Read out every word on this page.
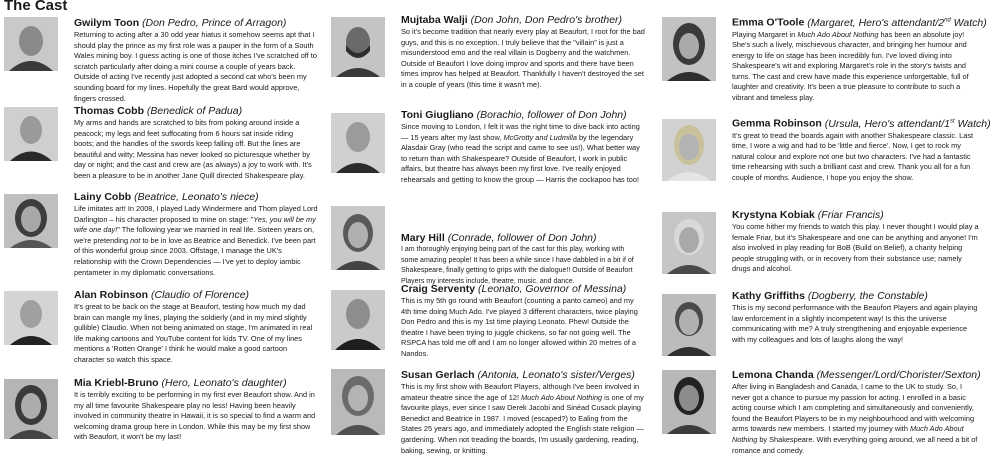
The Cast

Gwilym Toon (Don Pedro, Prince of Arragon)

Returning to acting after a 30 odd year hiatus it somehow seems apt that I should play the prince as my first role was a pauper in the form of a South Wales mining boy. I guess acting is one of those itches I've scratched off to scratch particularly after doing a mini course a couple of years back. Outside of acting I've recently just adopted a second cat who's been my sounding board for my lines. Hopefully the great Bard would approve, fingers crossed.

Thomas Cobb (Benedick of Padua)

My arms and hands are scratched to bits from poking around inside a peacock; my legs and feet suffocating from 6 hours sat inside riding boots; and the handles of the swords keep falling off. But the lines are beautiful and witty; Messina has never looked so picturesque whether by day or night; and the cast and crew are (as always) a joy to work with. It's been a pleasure to be in another Jane Quill directed Shakespeare play.

Lainy Cobb (Beatrice, Leonato's niece)

Life imitates art! In 2008, I played Lady Windermere and Thom played Lord Darlington – his character proposed to mine on stage: "Yes, you will be my wife one day!" The following year we married in real life. Sixteen years on, we're pretending not to be in love as Beatrice and Benedick. I've been part of this wonderful group since 2003. Offstage, I manage the UK's relationship with the Crown Dependencies — I've yet to deploy iambic pentameter in my diplomatic conversations.

Alan Robinson (Claudio of Florence)

It's great to be back on the stage at Beaufort, testing how much my dad brain can mangle my lines, playing the soldierly (and in my mind slightly gullible) Claudio. When not being animated on stage, I'm animated in real life making cartoons and YouTube content for kids TV. One of my lines mentions a 'Rotten Orange' I think he would make a good cartoon character so watch this space.

Mia Kriebl-Bruno (Hero, Leonato's daughter)

It is terribly exciting to be performing in my first ever Beaufort show. And in my all time favourite Shakespeare play no less! Having been heavily involved in community theatre in Hawaii, it is so special to find a warm and welcoming drama group here in London. While this may be my first show with Beaufort, it won't be my last!

Mujtaba Walji (Don John, Don Pedro's brother)

So it's become tradition that nearly every play at Beaufort, I root for the bad guys, and this is no exception. I truly believe that the "villain" is just a misunderstood emo and the real villain is Dogberry and the watchmen. Outside of Beaufort I love doing improv and sports and there have been times improv has helped at Beaufort. Thankfully I haven't destroyed the set in a couple of years (this time it wasn't me).

Toni Giugliano (Borachio, follower of Don John)

Since moving to London, I felt it was the right time to dive back into acting — 15 years after my last show, McGrotty and Ludmilla by the legendary Alasdair Gray (who read the script and came to see us!). What better way to return than with Shakespeare? Outside of Beaufort, I work in public affairs, but theatre has always been my first love. I've really enjoyed rehearsals and getting to know the group — Harris the cockapoo has too!

Mary Hill (Conrade, follower of Don John)

I am thoroughly enjoying being part of the cast for this play, working with some amazing people! It has been a while since I have dabbled in a bit if of Shakespeare, finally getting to grips with the dialogue!! Outside of Beaufort Players my interests include, theatre, music. and dance.

Craig Serventy (Leonato, Governor of Messina)

This is my 5th go round with Beaufort (counting a panto cameo) and my 4th time doing Much Ado. I've played 3 different characters, twice playing Don Pedro and this is my 1st time playing Leonato. Phew! Outside the theatre I have been trying to juggle chickens, so far not going well. The RSPCA has told me off and I am no longer allowed within 20 metres of a Nandos.

Susan Gerlach (Antonia, Leonato's sister/Verges)

This is my first show with Beaufort Players, although I've been involved in amateur theatre since the age of 12! Much Ado About Nothing is one of my favourite plays, ever since I saw Derek Jacobi and Sinéad Cusack playing Benedict and Beatrice in 1987. I moved (escaped?) to Ealing from the States 25 years ago, and immediately adopted the English state religion — gardening. When not treading the boards, I'm usually gardening, reading, baking, sewing, or knitting.

Emma O'Toole (Margaret, Hero's attendant/2nd Watch)

Playing Margaret in Much Ado About Nothing has been an absolute joy! She's such a lively, mischievous character, and bringing her humour and energy to life on stage has been incredibly fun. I've loved diving into Shakespeare's wit and exploring Margaret's role in the story's twists and turns. The cast and crew have made this experience unforgettable, full of laughter and creativity. It's been a true pleasure to contribute to such a vibrant and timeless play.

Gemma Robinson (Ursula, Hero's attendant/1st Watch)

It's great to tread the boards again with another Shakespeare classic. Last time, I wore a wig and had to be 'little and fierce'. Now, I get to rock my natural colour and explore not one but two characters. I've had a fantastic time rehearsing with such a brilliant cast and crew. Thank you all for a fun couple of months. Audience, I hope you enjoy the show.

Krystyna Kobiak (Friar Francis)

You come hither my friends to watch this play. I never thought I would play a female Friar, but it's Shakespeare and one can be anything and anyone! I'm also involved in play reading for BoB (Build on Belief), a charity helping people struggling with, or in recovery from their substance use; namely drugs and alcohol.

Kathy Griffiths (Dogberry, the Constable)

This is my second performance with the Beaufort Players and again playing law enforcement in a slightly incompetent way! Is this the universe communicating with me? A truly strengthening and enjoyable experience with my colleagues and lots of laughs along the way!

Lemona Chanda (Messenger/Lord/Chorister/Sexton)

After living in Bangladesh and Canada, I came to the UK to study. So, I never got a chance to pursue my passion for acting. I enrolled in a basic acting course which I am completing and simultaneously and conveniently, found the Beaufort Players to be in my neighbourhood and with welcoming arms towards new members. I started my journey with Much Ado About Nothing by Shakespeare. With everything going around, we all need a bit of romance and comedy.
